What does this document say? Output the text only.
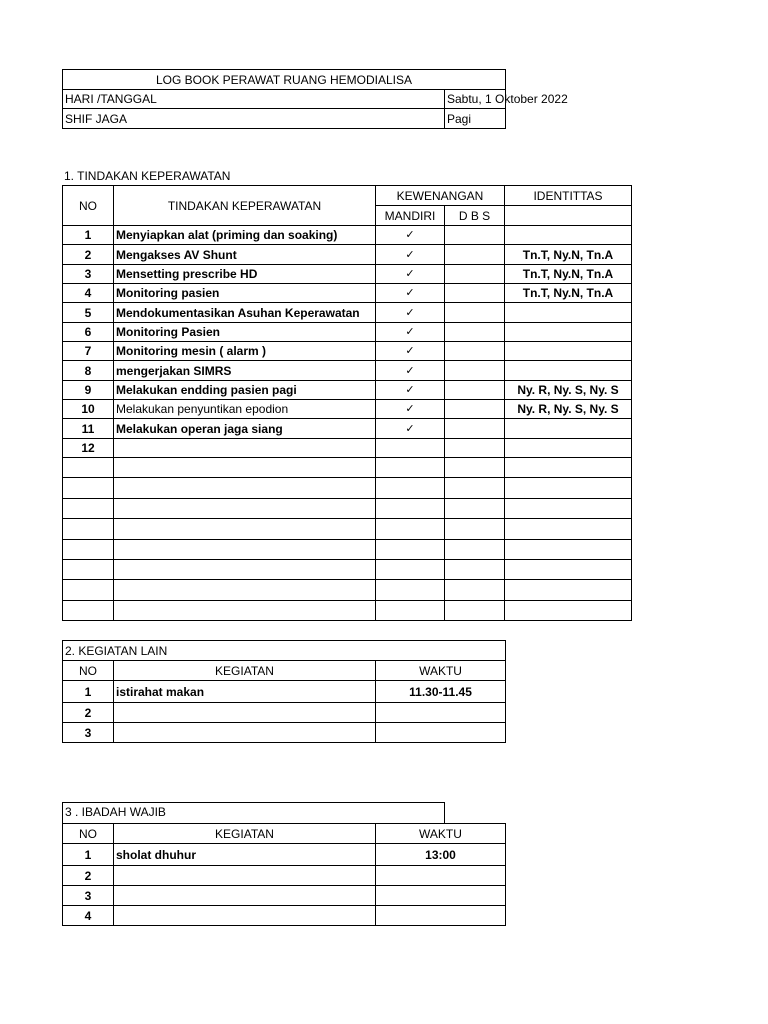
LOG BOOK PERAWAT RUANG HEMODIALISA	
HARI /TANGGAL	Sabtu, 1 Oktober 2022
SHIF JAGA	Pagi
1. TINDAKAN KEPERAWATAN
NO	TINDAKAN KEPERAWATAN	KEWENANGAN		IDENTITTAS
		MANDIRI	D B S	
1	Menyiapkan alat (priming dan soaking)	✓		
2	Mengakses AV Shunt	✓		Tn.T, Ny.N, Tn.A
3	Mensetting prescribe HD	✓		Tn.T, Ny.N, Tn.A
4	Monitoring pasien	✓		Tn.T, Ny.N, Tn.A
5	Mendokumentasikan Asuhan Keperawatan	✓		
6	Monitoring Pasien	✓		
7	Monitoring mesin ( alarm )	✓		
8	mengerjakan SIMRS	✓		
9	Melakukan endding pasien pagi	✓		Ny. R, Ny. S, Ny. S
10	Melakukan penyuntikan epodion	✓		Ny. R, Ny. S, Ny. S
11	Melakukan operan jaga siang	✓		
12				

2. KEGIATAN LAIN		
NO	KEGIATAN	WAKTU
1	istirahat makan	11.30-11.45
2		
3		
3 . IBADAH WAJIB
NO	KEGIATAN	WAKTU
1	sholat dhuhur	13:00
2		
3		
4		
